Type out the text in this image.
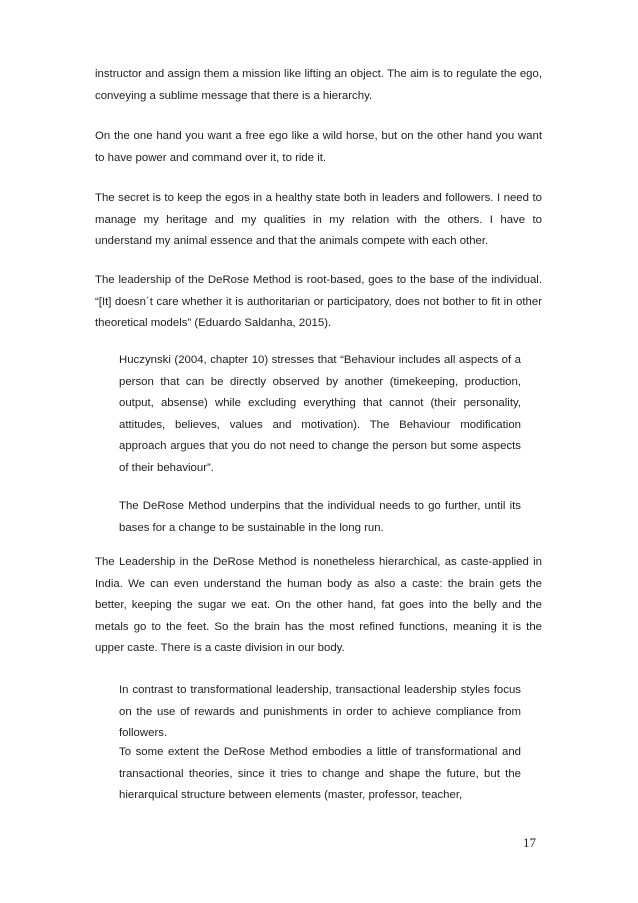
instructor and assign them a mission like lifting an object. The aim is to regulate the ego, conveying a sublime message that there is a hierarchy.

On the one hand you want a free ego like a wild horse, but on the other hand you want to have power and command over it, to ride it.

The secret is to keep the egos in a healthy state both in leaders and followers. I need to manage my heritage and my qualities in my relation with the others. I have to understand my animal essence and that the animals compete with each other.

The leadership of the DeRose Method is root-based, goes to the base of the individual. “[It] doesn´t care whether it is authoritarian or participatory, does not bother to fit in other theoretical models” (Eduardo Saldanha, 2015).

Huczynski (2004, chapter 10) stresses that “Behaviour includes all aspects of a person that can be directly observed by another (timekeeping, production, output, absense) while excluding everything that cannot (their personality, attitudes, believes, values and motivation). The Behaviour modification approach argues that you do not need to change the person but some aspects of their behaviour”.

The DeRose Method underpins that the individual needs to go further, until its bases for a change to be sustainable in the long run.

The Leadership in the DeRose Method is nonetheless hierarchical, as caste-applied in India. We can even understand the human body as also a caste: the brain gets the better, keeping the sugar we eat. On the other hand, fat goes into the belly and the metals go to the feet. So the brain has the most refined functions, meaning it is the upper caste. There is a caste division in our body.

In contrast to transformational leadership, transactional leadership styles focus on the use of rewards and punishments in order to achieve compliance from followers.

To some extent the DeRose Method embodies a little of transformational and transactional theories, since it tries to change and shape the future, but the hierarquical structure between elements (master, professor, teacher,

17
